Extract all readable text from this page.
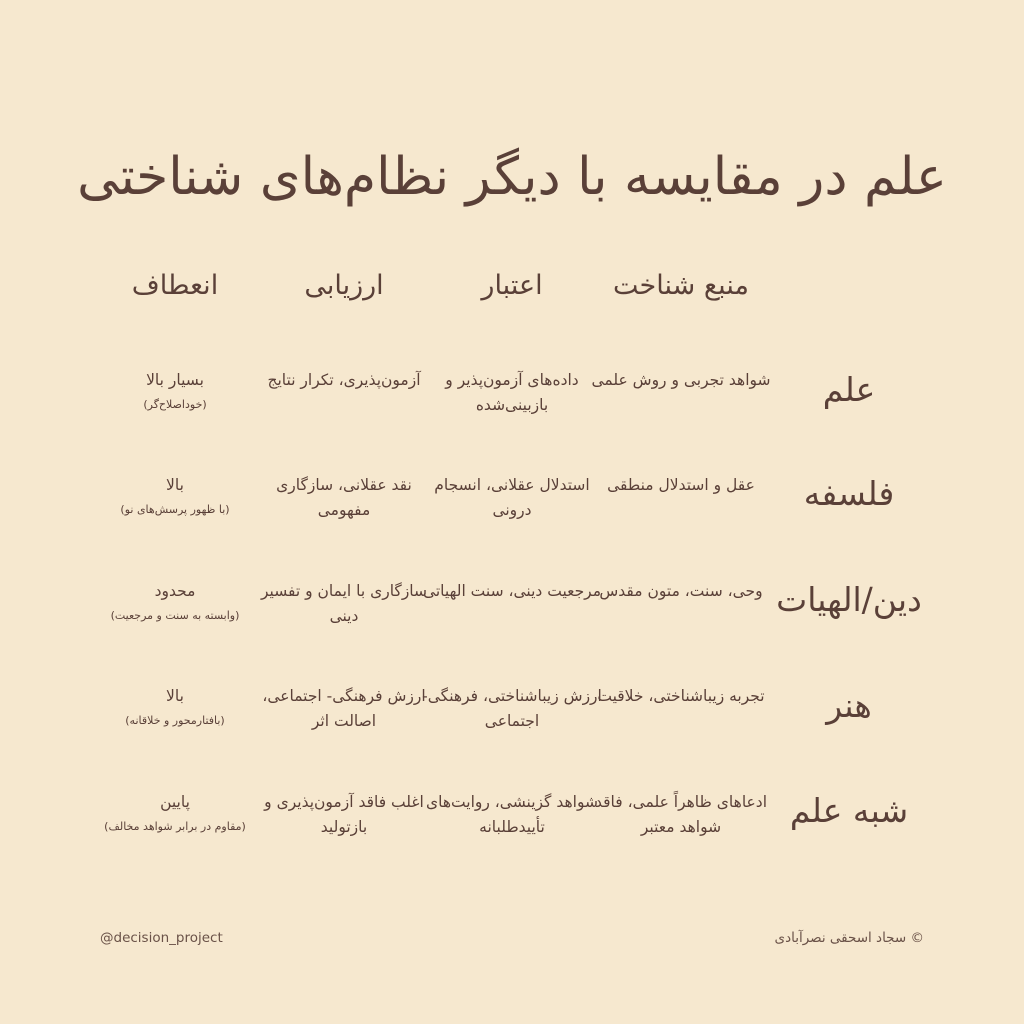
علم در مقایسه با دیگر نظام‌های شناختی
منبع شناخت
اعتبار
ارزیابی
انعطاف
علم
شواهد تجربی و روش علمی
داده‌های آزمون‌پذیر و بازبینی‌شده
آزمون‌پذیری، تکرار نتایج
بسیار بالا
(خوداصلاح‌گر)
فلسفه
عقل و استدلال منطقی
استدلال عقلانی، انسجام درونی
نقد عقلانی، سازگاری مفهومی
بالا
(با ظهور پرسش‌های نو)
دین/الهیات
وحی، سنت، متون مقدس
مرجعیت دینی، سنت الهیاتی
سازگاری با ایمان و تفسیر دینی
محدود
(وابسته به سنت و مرجعیت)
هنر
تجربه زیباشناختی، خلاقیت
ارزش زیباشناختی، فرهنگی-اجتماعی
ارزش فرهنگی- اجتماعی، اصالت اثر
بالا
(بافتارمحور و خلاقانه)
شبه علم
ادعاهای ظاهراً علمی، فاقد شواهد معتبر
شواهد گزینشی، روایت‌های تأییدطلبانه
اغلب فاقد آزمون‌پذیری و بازتولید
پایین
(مقاوم در برابر شواهد مخالف)
@decision_project	© سجاد اسحقی نصرآبادی
